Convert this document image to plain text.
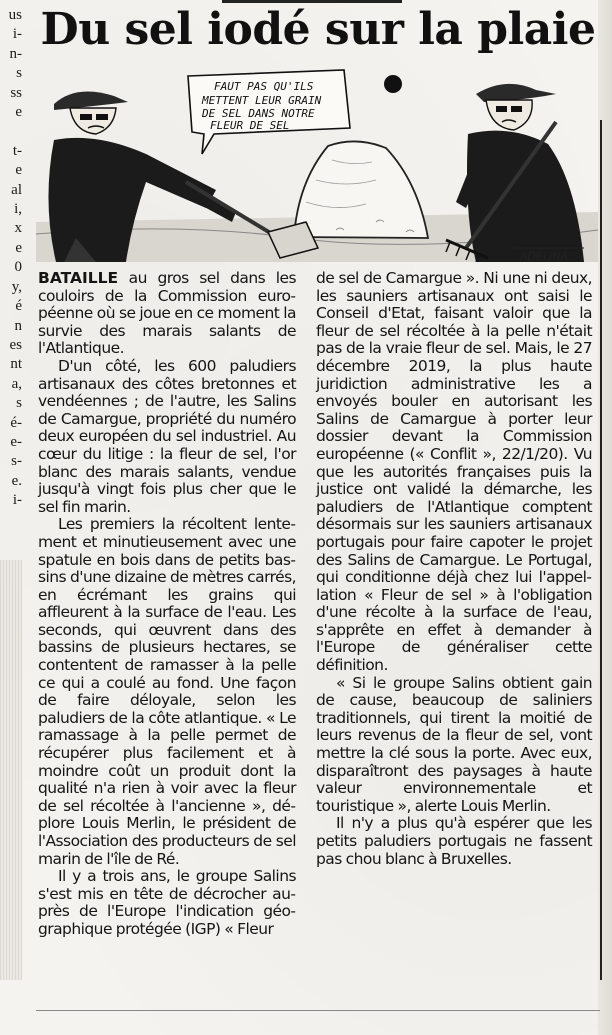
us
i-
n-
s
ss
e

t-
e
al
i,
x
e
0
y,
é
n
es
nt
a,
s
é-
e-
s-
e.
i-
Du sel iodé sur la plaie
FAUT PAS QU'ILS
METTENT LEUR GRAIN
DE SEL DANS NOTRE
FLEUR DE SEL
ADELINA

BATAILLE au gros sel dans les couloirs de la Commission européenne où se joue en ce moment la survie des marais salants de l'Atlantique.

D'un côté, les 600 paludiers artisanaux des côtes bretonnes et vendéennes ; de l'autre, les Salins de Camargue, propriété du numéro deux européen du sel industriel. Au cœur du litige : la fleur de sel, l'or blanc des marais salants, vendue jusqu'à vingt fois plus cher que le sel fin marin.

Les premiers la récoltent lentement et minutieusement avec une spatule en bois dans de petits bassins d'une dizaine de mètres carrés, en écrémant les grains qui affleurent à la surface de l'eau. Les seconds, qui œuvrent dans des bassins de plusieurs hectares, se contentent de ramasser à la pelle ce qui a coulé au fond. Une façon de faire déloyale, selon les paludiers de la côte atlantique. « Le ramassage à la pelle permet de récupérer plus facilement et à moindre coût un produit dont la qualité n'a rien à voir avec la fleur de sel récoltée à l'ancienne », déplore Louis Merlin, le président de l'Association des producteurs de sel marin de l'île de Ré.

Il y a trois ans, le groupe Salins s'est mis en tête de décrocher auprès de l'Europe l'indication géographique protégée (IGP) « Fleur

de sel de Camargue ». Ni une ni deux, les sauniers artisanaux ont saisi le Conseil d'Etat, faisant valoir que la fleur de sel récoltée à la pelle n'était pas de la vraie fleur de sel. Mais, le 27 décembre 2019, la plus haute juridiction administrative les a envoyés bouler en autorisant les Salins de Camargue à porter leur dossier devant la Commission européenne (« Conflit », 22/1/20). Vu que les autorités françaises puis la justice ont validé la démarche, les paludiers de l'Atlantique comptent désormais sur les sauniers artisanaux portugais pour faire capoter le projet des Salins de Camargue. Le Portugal, qui conditionne déjà chez lui l'appellation « Fleur de sel » à l'obligation d'une récolte à la surface de l'eau, s'apprête en effet à demander à l'Europe de généraliser cette définition.

« Si le groupe Salins obtient gain de cause, beaucoup de saliniers traditionnels, qui tirent la moitié de leurs revenus de la fleur de sel, vont mettre la clé sous la porte. Avec eux, disparaîtront des paysages à haute valeur environnementale et touristique », alerte Louis Merlin.

Il n'y a plus qu'à espérer que les petits paludiers portugais ne fassent pas chou blanc à Bruxelles.
